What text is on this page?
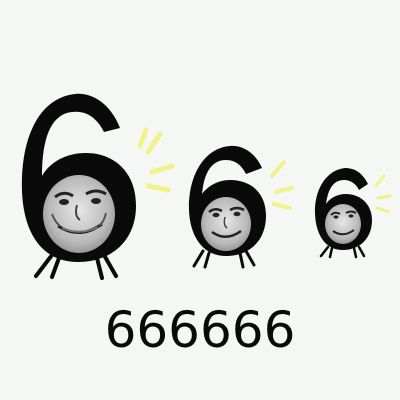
666666
